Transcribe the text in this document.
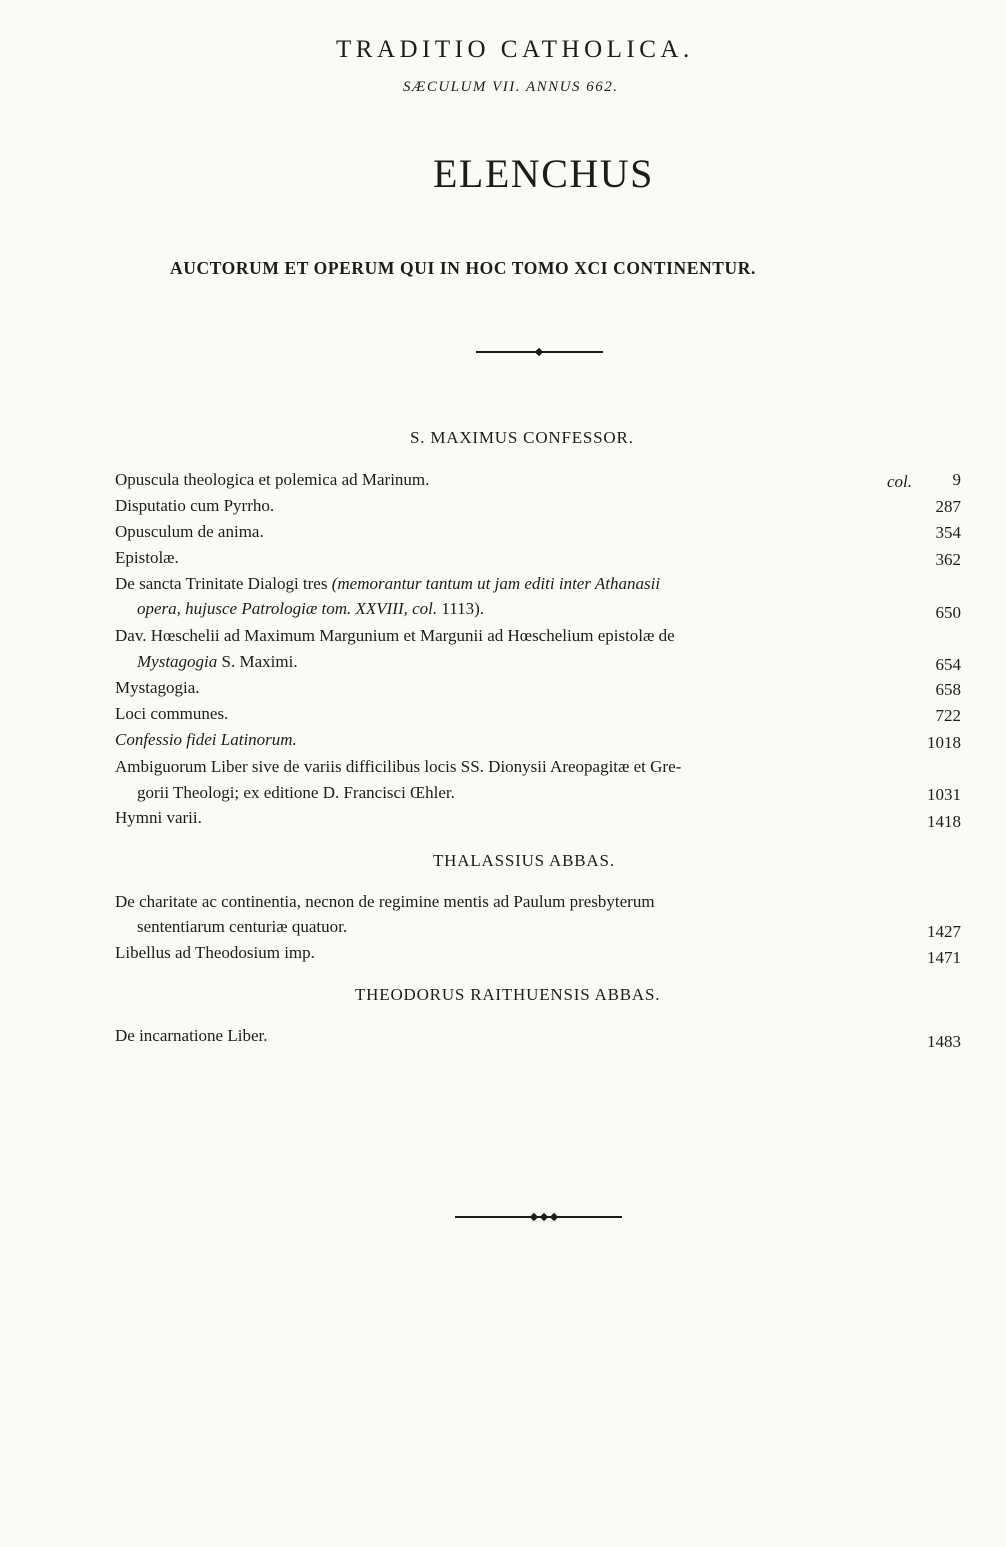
TRADITIO CATHOLICA.
SÆCULUM VII. ANNUS 662.
ELENCHUS
AUCTORUM ET OPERUM QUI IN HOC TOMO XCI CONTINENTUR.
S. MAXIMUS CONFESSOR.
Opuscula theologica et polemica ad Marinum.	col.	9
Disputatio cum Pyrrho.	287
Opusculum de anima.	354
Epistolæ.	362
De sancta Trinitate Dialogi tres (memorantur tantum ut jam editi inter Athanasii
opera, hujusce Patrologiæ tom. XXVIII, col. 1113).	650
Dav. Hœschelii ad Maximum Margunium et Margunii ad Hœschelium epistolæ de
Mystagogia S. Maximi.	654
Mystagogia.	658
Loci communes.	722
Confessio fidei Latinorum.	1018
Ambiguorum Liber sive de variis difficilibus locis SS. Dionysii Areopagitæ et Gre-
gorii Theologi; ex editione D. Francisci Œhler.	1031
Hymni varii.	1418
THALASSIUS ABBAS.
De charitate ac continentia, necnon de regimine mentis ad Paulum presbyterum
sententiarum centuriæ quatuor.	1427
Libellus ad Theodosium imp.	1471
THEODORUS RAITHUENSIS ABBAS.
De incarnatione Liber.	1483
